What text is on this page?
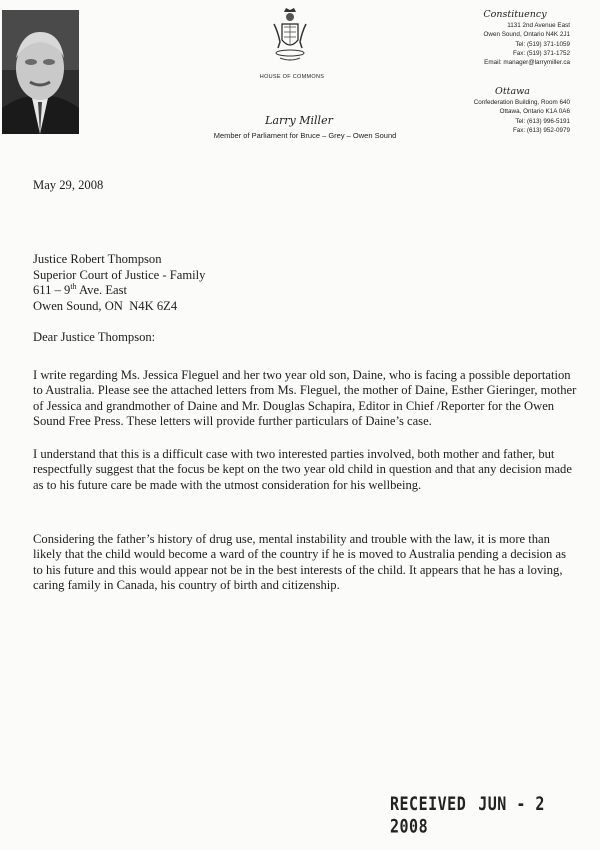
HOUSE OF COMMONS
Larry Miller
Member of Parliament for Bruce – Grey – Owen Sound
Constituency
1131 2nd Avenue East
Owen Sound, Ontario N4K 2J1
Tel: (519) 371-1059
Fax: (519) 371-1752
Email: manager@larrymiller.ca
Ottawa
Confederation Building, Room 640
Ottawa, Ontario K1A 0A6
Tel: (613) 996-5191
Fax: (613) 952-0979
May 29, 2008
Justice Robert Thompson
Superior Court of Justice - Family
611 – 9th Ave. East
Owen Sound, ON  N4K 6Z4
Dear Justice Thompson:

I write regarding Ms. Jessica Fleguel and her two year old son, Daine, who is facing a possible deportation to Australia. Please see the attached letters from Ms. Fleguel, the mother of Daine, Esther Gieringer, mother of Jessica and grandmother of Daine and Mr. Douglas Schapira, Editor in Chief /Reporter for the Owen Sound Free Press. These letters will provide further particulars of Daine’s case.

I understand that this is a difficult case with two interested parties involved, both mother and father, but respectfully suggest that the focus be kept on the two year old child in question and that any decision made as to his future care be made with the utmost consideration for his wellbeing.

Considering the father’s history of drug use, mental instability and trouble with the law, it is more than likely that the child would become a ward of the country if he is moved to Australia pending a decision as to his future and this would appear not be in the best interests of the child. It appears that he has a loving, caring family in Canada, his country of birth and citizenship.

RECEIVED JUN - 2 2008
